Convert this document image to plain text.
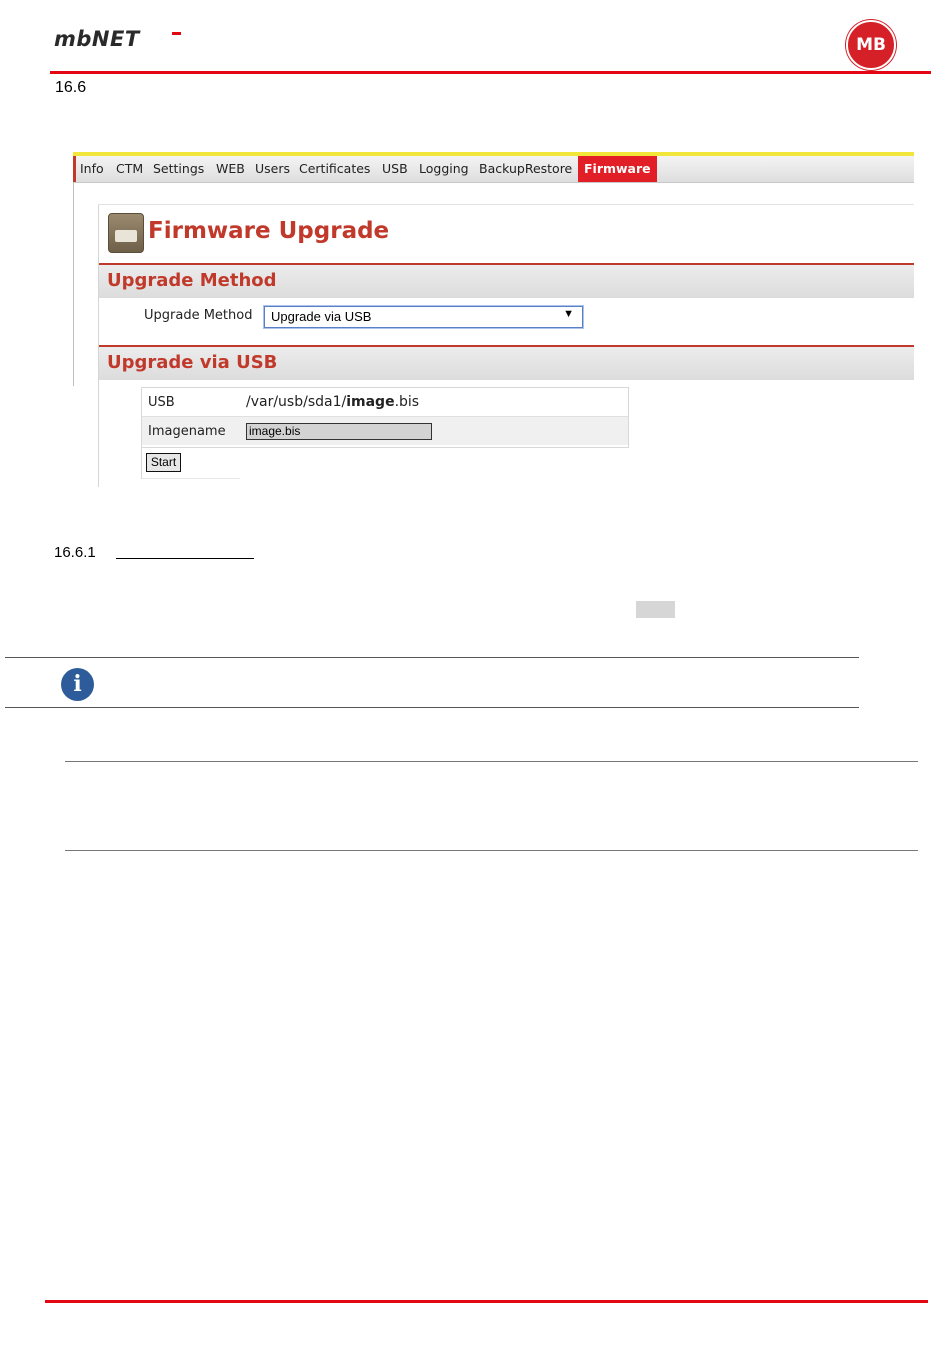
mbNET	MB
16.6
Info CTM Settings WEB Users Certificates USB Logging BackupRestore Firmware
Firmware Upgrade
Upgrade Method
Upgrade Method Upgrade via USB	▼
Upgrade via USB
USB	/var/usb/sda1/image.bis
Imagename image.bis
Start
16.6.1
i
